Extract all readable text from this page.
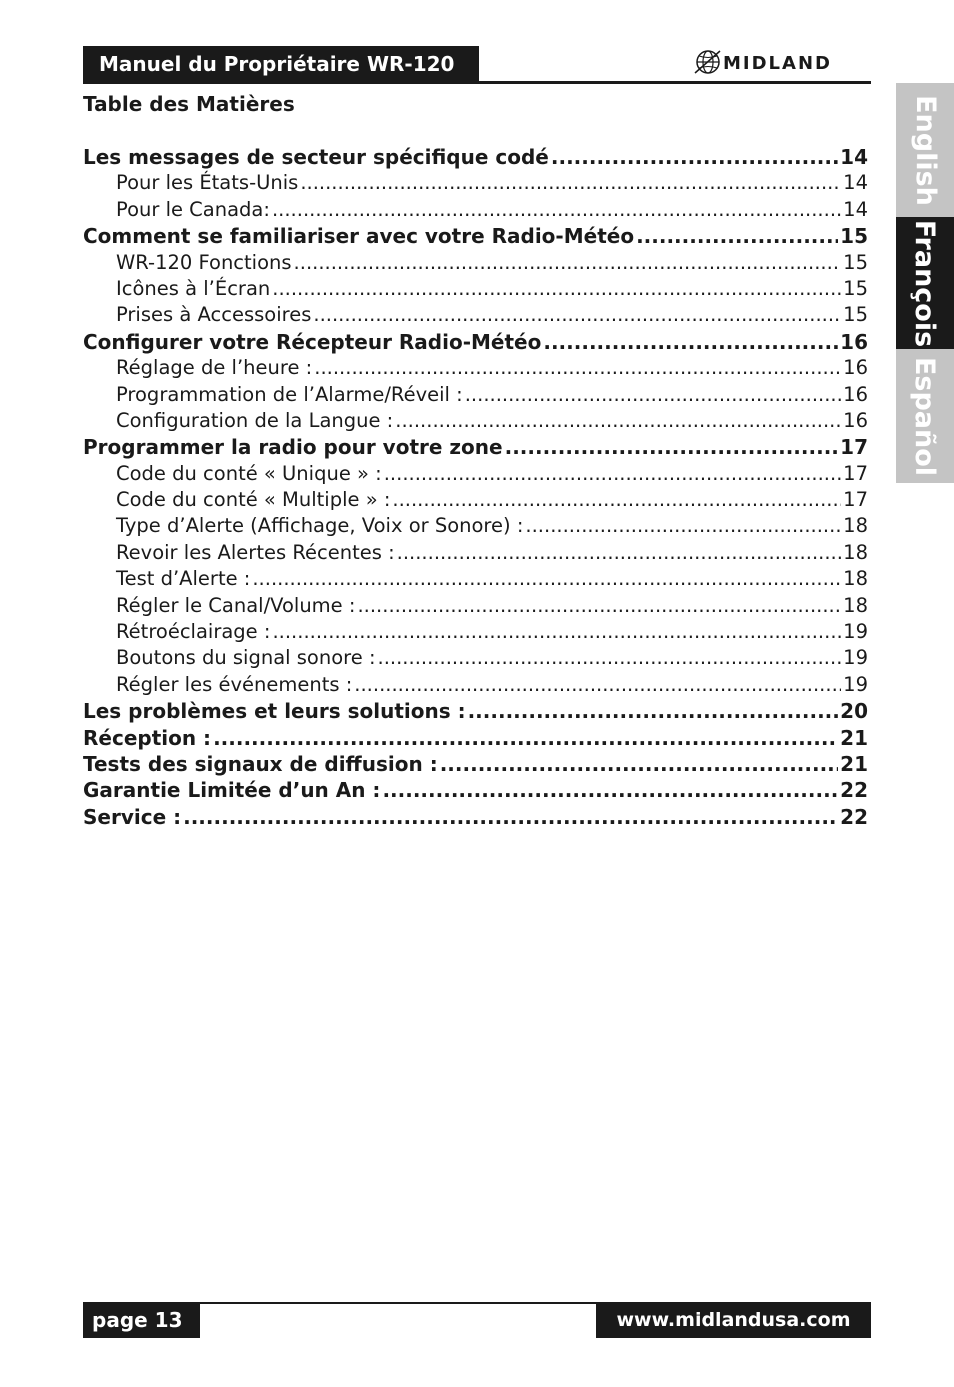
Manuel du Propriétaire WR-120	MIDLAND
Table des Matières
Les messages de secteur spécifique codé .....	14
Pour les États-Unis .....	14
Pour le Canada: .....	14
Comment se familiariser avec votre Radio-Météo .....	15
WR-120 Fonctions .....	15
Icônes à l’Écran .....	15
Prises à Accessoires .....	15
Configurer votre Récepteur Radio-Météo .....	16
Réglage de l’heure : .....	16
Programmation de l’Alarme/Réveil : .....	16
Configuration de la Langue : .....	16
Programmer la radio pour votre zone .....	17
Code du conté « Unique » : .....	17
Code du conté « Multiple » : .....	17
Type d’Alerte (Affichage, Voix or Sonore) : .....	18
Revoir les Alertes Récentes : .....	18
Test d’Alerte : .....	18
Régler le Canal/Volume : .....	18
Rétroéclairage : .....	19
Boutons du signal sonore : .....	19
Régler les événements : .....	19
Les problèmes et leurs solutions : .....	20
Réception : .....	21
Tests des signaux de diffusion : .....	21
Garantie Limitée d’un An : .....	22
Service : .....	22
English
François
Español
page 13	www.midlandusa.com
